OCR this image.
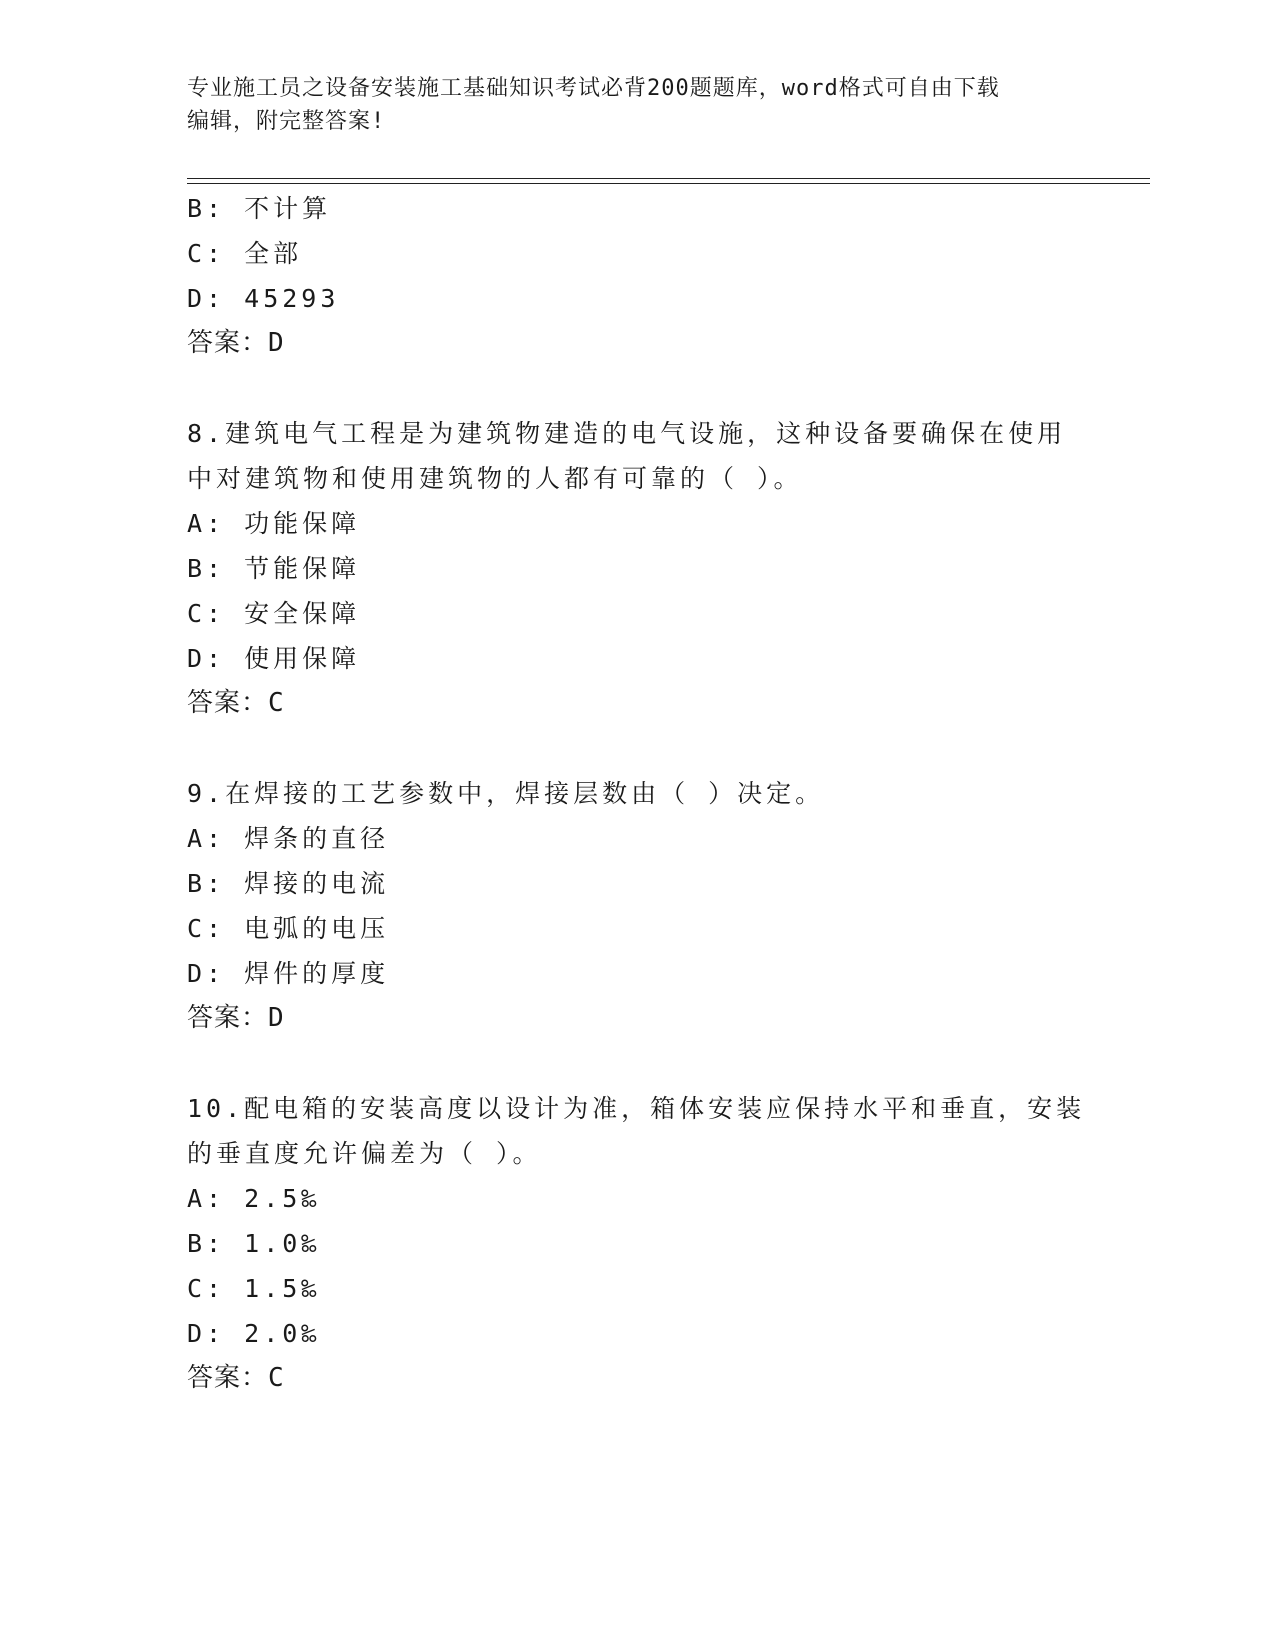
专业施工员之设备安装施工基础知识考试必背200题题库，word格式可自由下载
编辑，附完整答案!
B: 不计算
C: 全部
D: 45293
答案：D
8.建筑电气工程是为建筑物建造的电气设施，这种设备要确保在使用
中对建筑物和使用建筑物的人都有可靠的（ ）。
A: 功能保障
B: 节能保障
C: 安全保障
D: 使用保障
答案：C
9.在焊接的工艺参数中，焊接层数由（ ）决定。
A: 焊条的直径
B: 焊接的电流
C: 电弧的电压
D: 焊件的厚度
答案：D
10.配电箱的安装高度以设计为准，箱体安装应保持水平和垂直，安装
的垂直度允许偏差为（ ）。
A: 2.5‰
B: 1.0‰
C: 1.5‰
D: 2.0‰
答案：C
